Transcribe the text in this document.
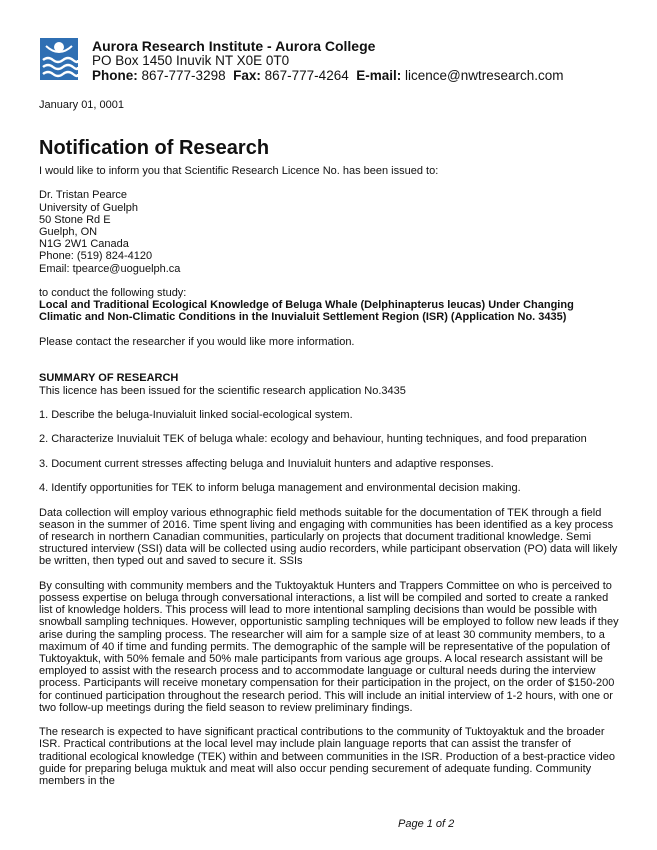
Aurora Research Institute - Aurora College
PO Box 1450 Inuvik NT X0E 0T0
Phone: 867-777-3298 Fax: 867-777-4264 E-mail: licence@nwtresearch.com
January 01, 0001
Notification of Research

I would like to inform you that Scientific Research Licence No. has been issued to:

Dr. Tristan Pearce

University of Guelph

50 Stone Rd E

Guelph, ON

N1G 2W1 Canada

Phone: (519) 824-4120

Email: tpearce@uoguelph.ca

to conduct the following study:

Local and Traditional Ecological Knowledge of Beluga Whale (Delphinapterus leucas) Under Changing Climatic and Non-Climatic Conditions in the Inuvialuit Settlement Region (ISR) (Application No. 3435)

Please contact the researcher if you would like more information.

SUMMARY OF RESEARCH

This licence has been issued for the scientific research application No.3435

1. Describe the beluga-Inuvialuit linked social-ecological system.

2. Characterize Inuvialuit TEK of beluga whale: ecology and behaviour, hunting techniques, and food preparation

3. Document current stresses affecting beluga and Inuvialuit hunters and adaptive responses.

4. Identify opportunities for TEK to inform beluga management and environmental decision making.

Data collection will employ various ethnographic field methods suitable for the documentation of TEK through a field season in the summer of 2016. Time spent living and engaging with communities has been identified as a key process of research in northern Canadian communities, particularly on projects that document traditional knowledge. Semi structured interview (SSI) data will be collected using audio recorders, while participant observation (PO) data will likely be written, then typed out and saved to secure it. SSIs

By consulting with community members and the Tuktoyaktuk Hunters and Trappers Committee on who is perceived to possess expertise on beluga through conversational interactions, a list will be compiled and sorted to create a ranked list of knowledge holders. This process will lead to more intentional sampling decisions than would be possible with snowball sampling techniques. However, opportunistic sampling techniques will be employed to follow new leads if they arise during the sampling process. The researcher will aim for a sample size of at least 30 community members, to a maximum of 40 if time and funding permits. The demographic of the sample will be representative of the population of Tuktoyaktuk, with 50% female and 50% male participants from various age groups. A local research assistant will be employed to assist with the research process and to accommodate language or cultural needs during the interview process. Participants will receive monetary compensation for their participation in the project, on the order of $150-200 for continued participation throughout the research period. This will include an initial interview of 1-2 hours, with one or two follow-up meetings during the field season to review preliminary findings.

The research is expected to have significant practical contributions to the community of Tuktoyaktuk and the broader ISR. Practical contributions at the local level may include plain language reports that can assist the transfer of traditional ecological knowledge (TEK) within and between communities in the ISR. Production of a best-practice video guide for preparing beluga muktuk and meat will also occur pending securement of adequate funding. Community members in the

Page 1 of 2
